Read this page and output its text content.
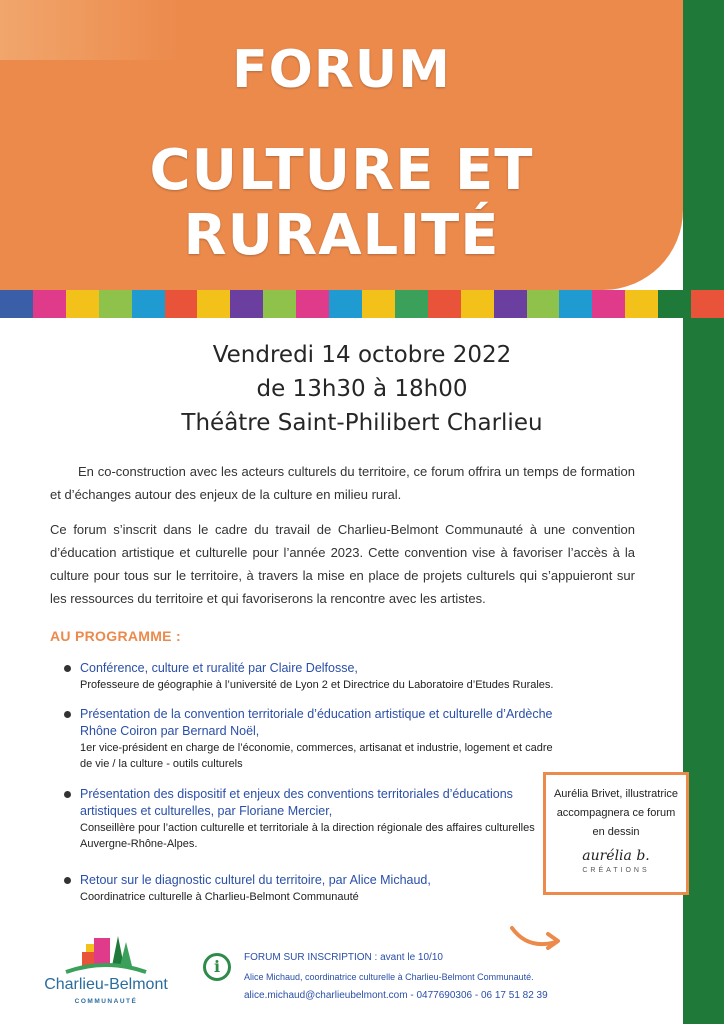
FORUM
CULTURE ET RURALITÉ
Vendredi 14 octobre 2022
de 13h30 à 18h00
Théâtre Saint-Philibert Charlieu

En co-construction avec les acteurs culturels du territoire, ce forum offrira un temps de formation et d’échanges autour des enjeux de la culture en milieu rural.

Ce forum s’inscrit dans le cadre du travail de Charlieu-Belmont Communauté à une convention d’éducation artistique et culturelle pour l’année 2023. Cette convention vise à favoriser l’accès à la culture pour tous sur le territoire, à travers la mise en place de projets culturels qui s’appuieront sur les ressources du territoire et qui favoriserons la rencontre avec les artistes.

AU PROGRAMME :
Conférence, culture et ruralité par Claire Delfosse,
Professeure de géographie à l’université de Lyon 2 et Directrice du Laboratoire d’Etudes Rurales.
Présentation de la convention territoriale d’éducation artistique et culturelle d’Ardèche Rhône Coiron par Bernard Noël,
1er vice-président en charge de l’économie, commerces, artisanat et industrie, logement et cadre de vie / la culture - outils culturels
Présentation des dispositif et enjeux des conventions territoriales d’éducations artistiques et culturelles, par Floriane Mercier,
Conseillère pour l’action culturelle et territoriale à la direction régionale des affaires culturelles Auvergne-Rhône-Alpes.
Retour sur le diagnostic culturel du territoire, par Alice Michaud,
Coordinatrice culturelle à Charlieu-Belmont Communauté
Aurélia Brivet, illustratrice
accompagnera ce forum
en dessin
aurélia b.
CRÉATIONS
Charlieu-Belmont
COMMUNAUTÉ
i	FORUM SUR INSCRIPTION : avant le 10/10
Alice Michaud, coordinatrice culturelle à Charlieu-Belmont Communauté.
alice.michaud@charlieubelmont.com - 0477690306 - 06 17 51 82 39
